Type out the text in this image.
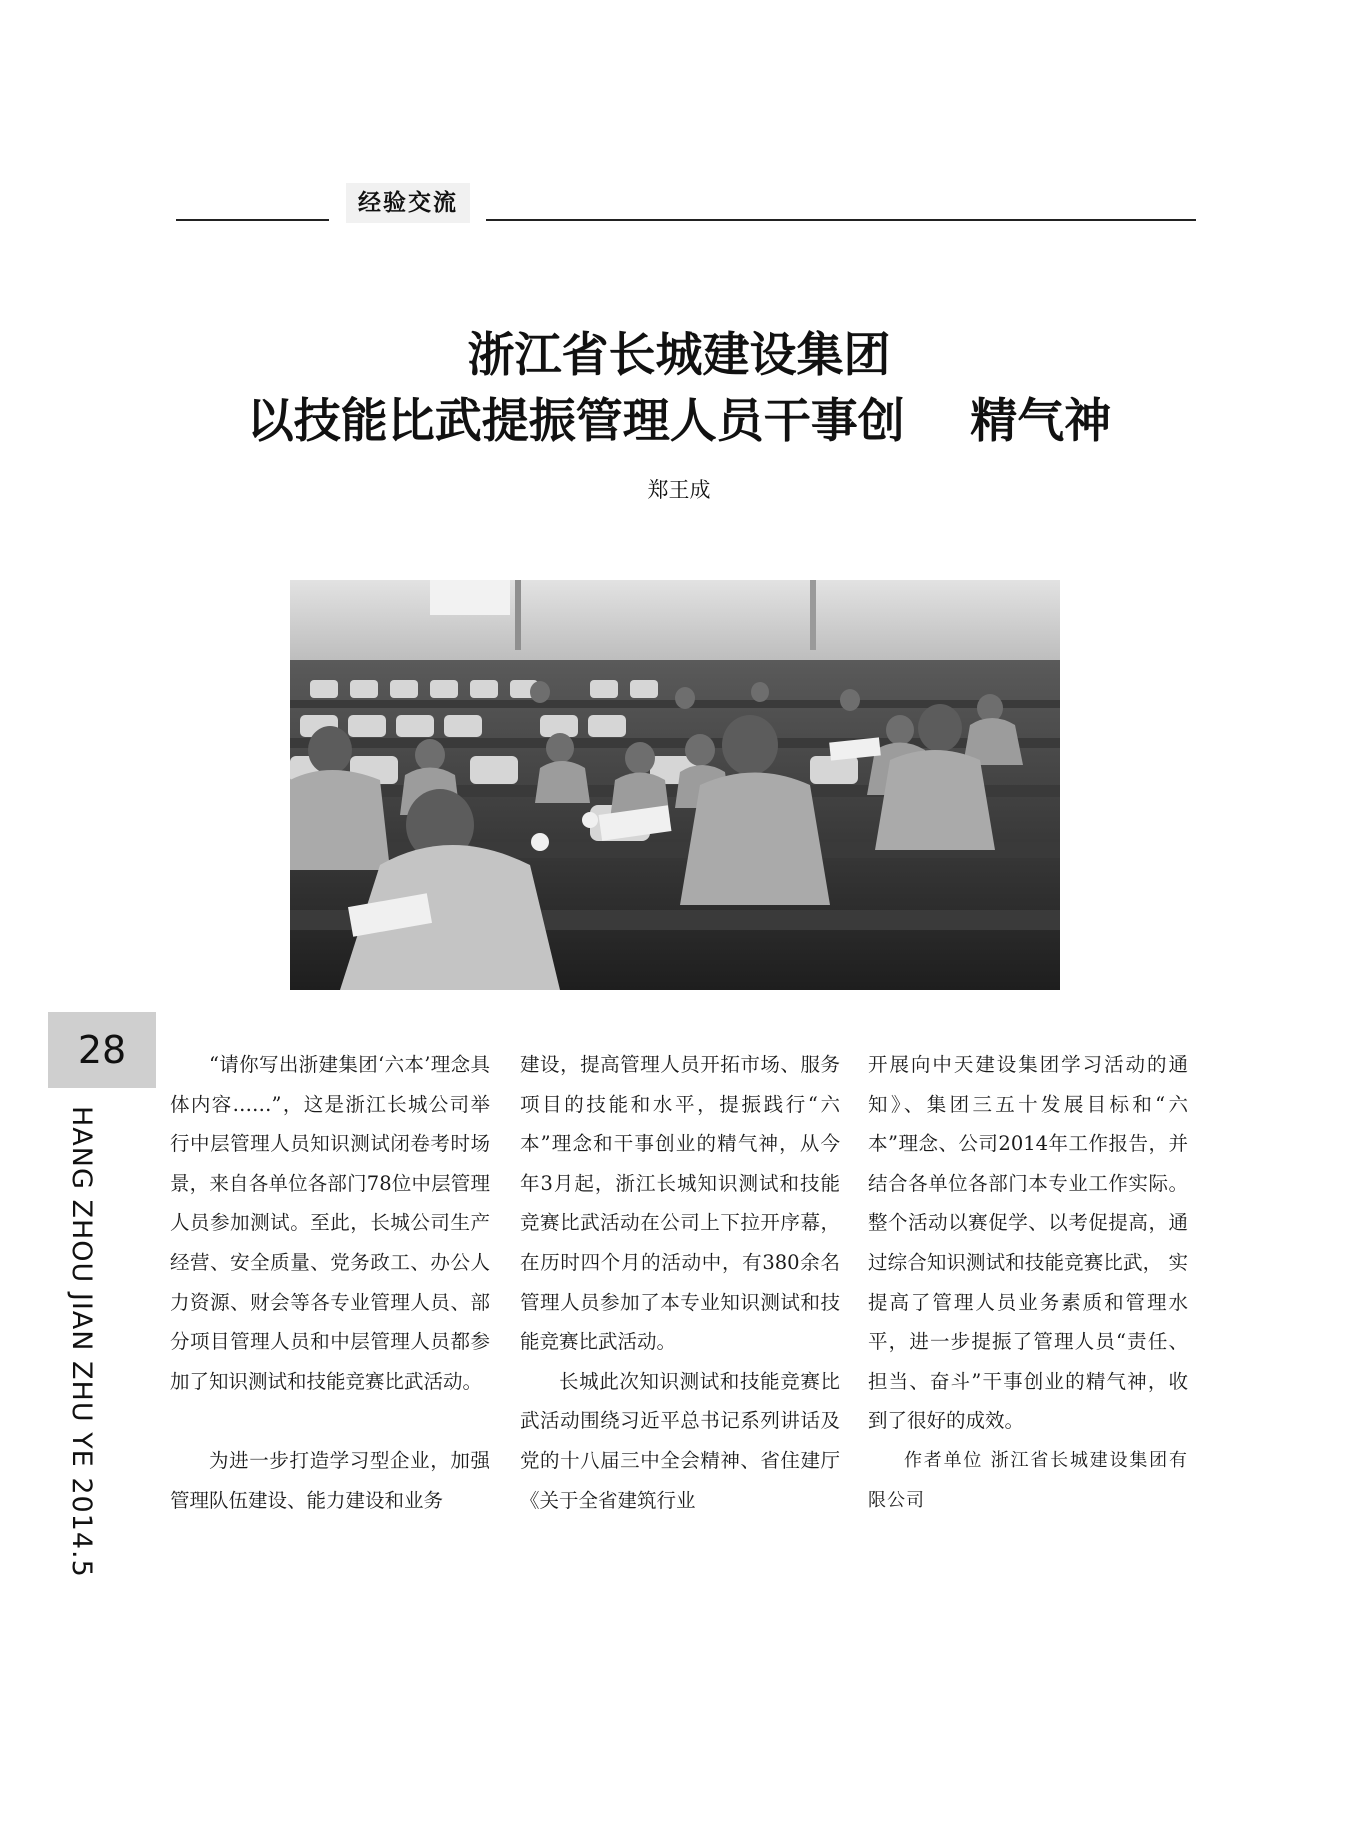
经验交流
浙江省长城建设集团
以技能比武提振管理人员干事创    精气神
郑王成
28
HANG ZHOU JIAN ZHU YE 2014.5

“请你写出浙建集团‘六本’理念具体内容……”，这是浙江长城公司举行中层管理人员知识测试闭卷考时场景，来自各单位各部门78位中层管理人员参加测试。至此，长城公司生产经营、安全质量、党务政工、办公人力资源、财会等各专业管理人员、部分项目管理人员和中层管理人员都参加了知识测试和技能竞赛比武活动。

为进一步打造学习型企业，加强管理队伍建设、能力建设和业务

建设，提高管理人员开拓市场、服务项目的技能和水平，提振践行“六本”理念和干事创业的精气神，从今年3月起，浙江长城知识测试和技能竞赛比武活动在公司上下拉开序幕，在历时四个月的活动中，有380余名管理人员参加了本专业知识测试和技能竞赛比武活动。

长城此次知识测试和技能竞赛比武活动围绕习近平总书记系列讲话及党的十八届三中全会精神、省住建厅《关于全省建筑行业

开展向中天建设集团学习活动的通知》、集团三五十发展目标和“六本”理念、公司2014年工作报告，并结合各单位各部门本专业工作实际。整个活动以赛促学、以考促提高，通过综合知识测试和技能竞赛比武， 实提高了管理人员业务素质和管理水平，进一步提振了管理人员“责任、担当、奋斗”干事创业的精气神，收到了很好的成效。

作者单位 浙江省长城建设集团有限公司
